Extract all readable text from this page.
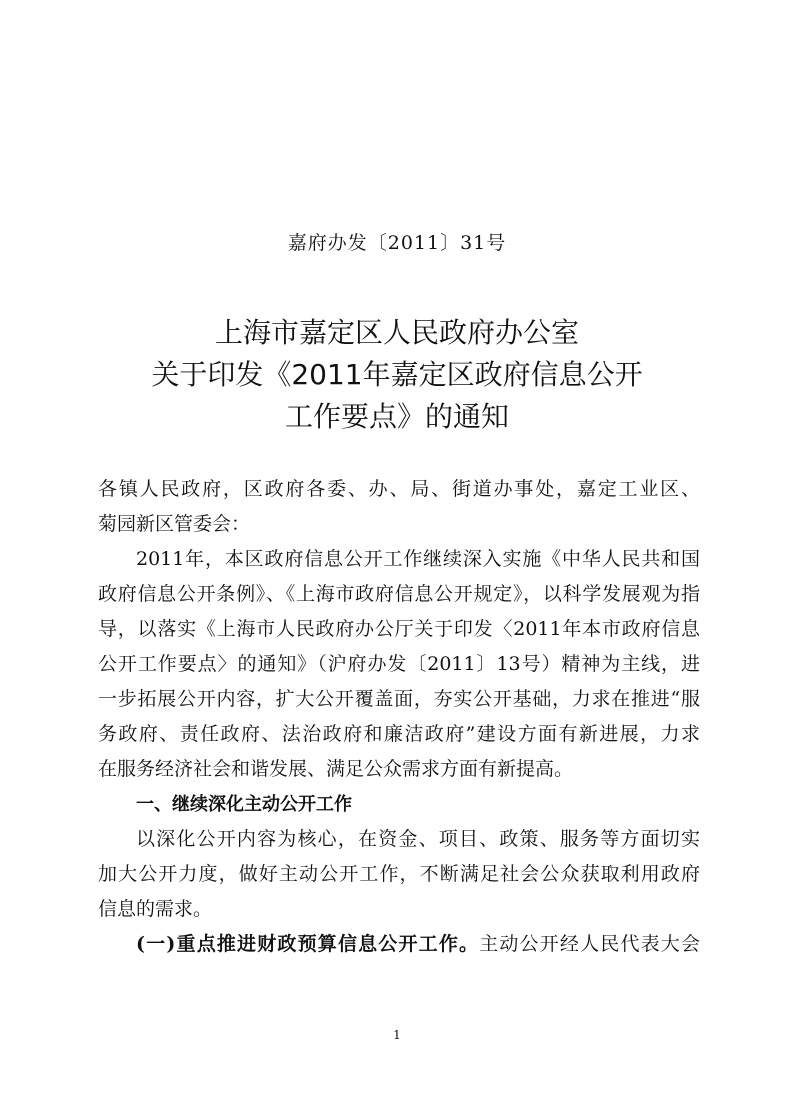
嘉府办发〔2011〕31号
上海市嘉定区人民政府办公室
关于印发《2011年嘉定区政府信息公开
工作要点》的通知
各镇人民政府，区政府各委、办、局、街道办事处，嘉定工业区、
菊园新区管委会：
2011年，本区政府信息公开工作继续深入实施《中华人民共和国
政府信息公开条例》、《上海市政府信息公开规定》，以科学发展观为指
导，以落实《上海市人民政府办公厅关于印发〈2011年本市政府信息
公开工作要点〉的通知》（沪府办发〔2011〕13号）精神为主线，进
一步拓展公开内容，扩大公开覆盖面，夯实公开基础，力求在推进“服
务政府、责任政府、法治政府和廉洁政府”建设方面有新进展，力求
在服务经济社会和谐发展、满足公众需求方面有新提高。
一、继续深化主动公开工作
以深化公开内容为核心，在资金、项目、政策、服务等方面切实
加大公开力度，做好主动公开工作，不断满足社会公众获取利用政府
信息的需求。
(一)重点推进财政预算信息公开工作。主动公开经人民代表大会
1
